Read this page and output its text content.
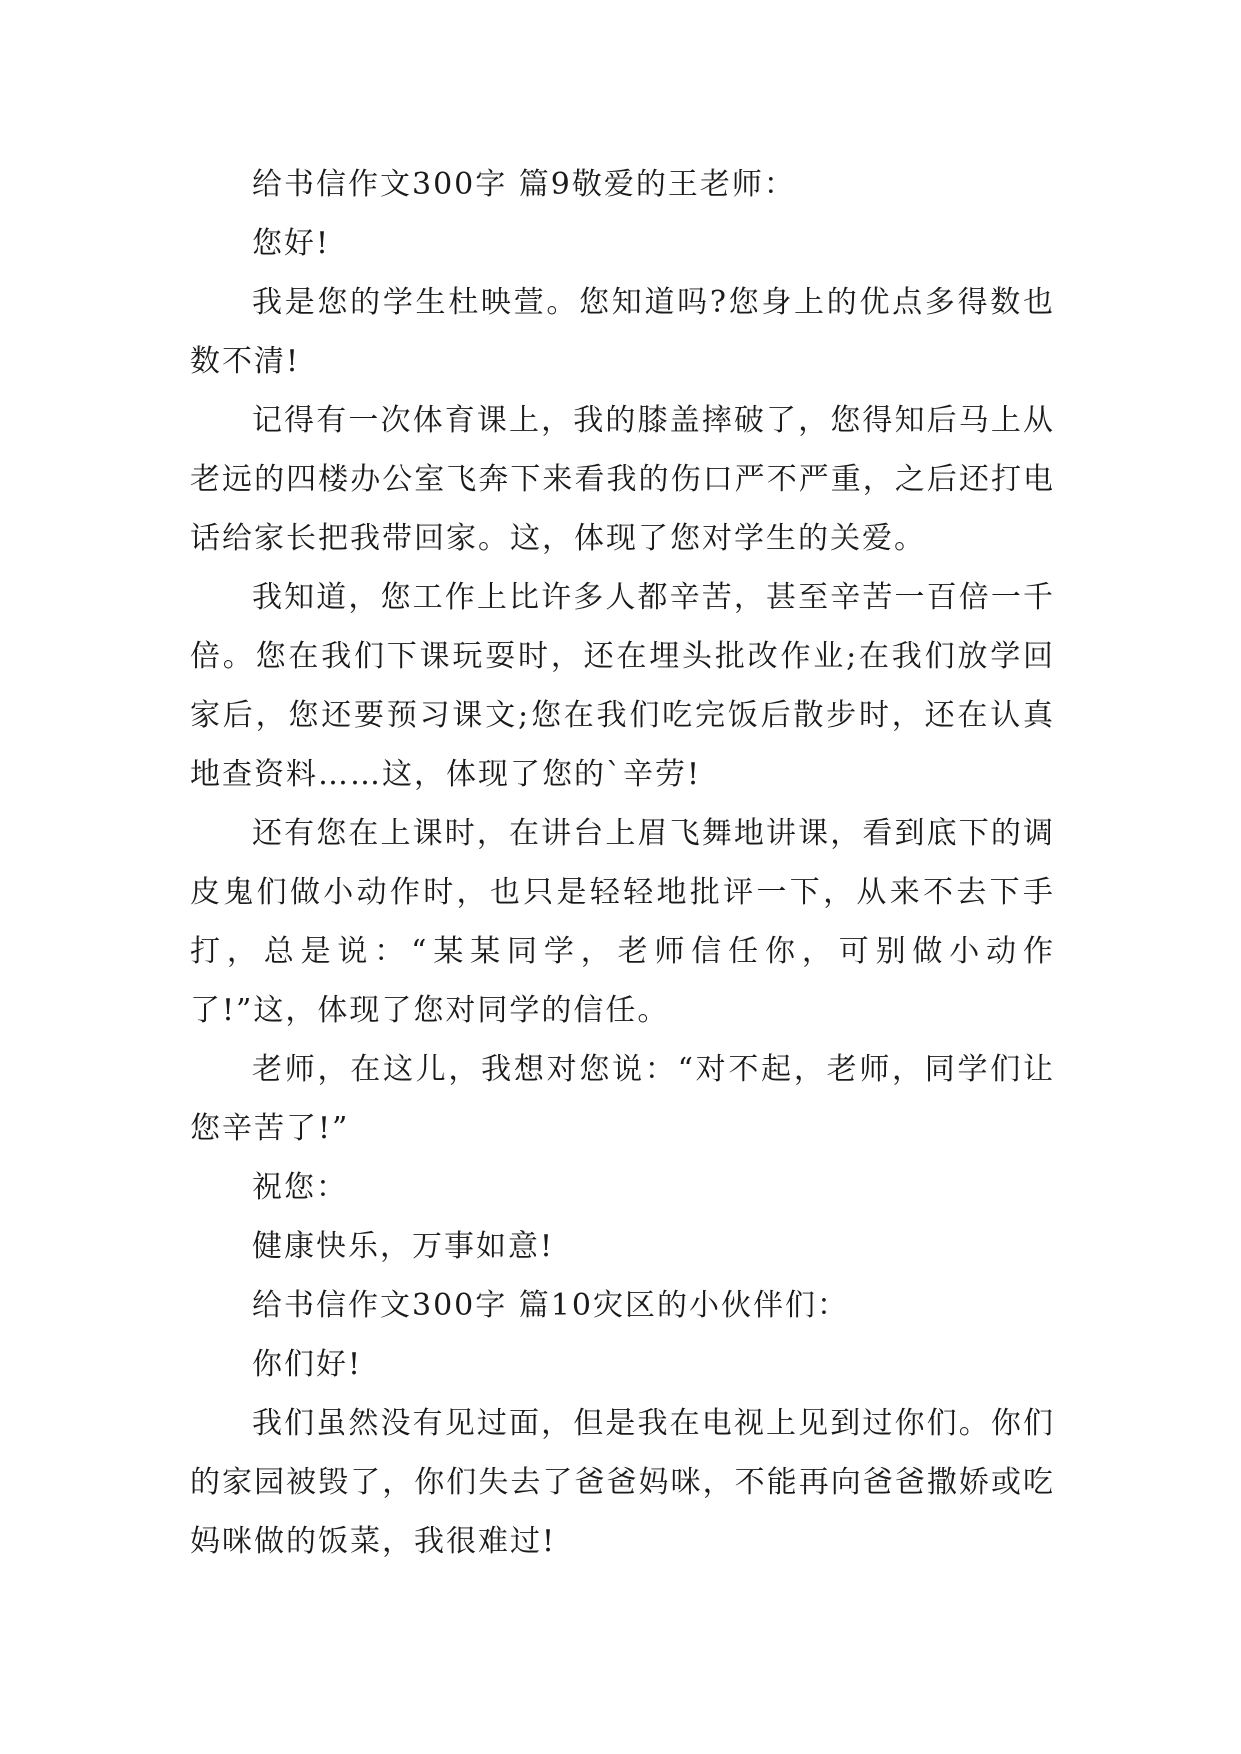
给书信作文300字 篇9敬爱的王老师：

您好!

我是您的学生杜映萱。您知道吗?您身上的优点多得数也数不清!

记得有一次体育课上，我的膝盖摔破了，您得知后马上从老远的四楼办公室飞奔下来看我的伤口严不严重，之后还打电话给家长把我带回家。这，体现了您对学生的关爱。

我知道，您工作上比许多人都辛苦，甚至辛苦一百倍一千倍。您在我们下课玩耍时，还在埋头批改作业;在我们放学回家后，您还要预习课文;您在我们吃完饭后散步时，还在认真地查资料……这，体现了您的`辛劳!

还有您在上课时，在讲台上眉飞舞地讲课，看到底下的调皮鬼们做小动作时，也只是轻轻地批评一下，从来不去下手打，总是说：“某某同学，老师信任你，可别做小动作了!”这，体现了您对同学的信任。

老师，在这儿，我想对您说：“对不起，老师，同学们让您辛苦了!”

祝您：

健康快乐，万事如意!

给书信作文300字 篇10灾区的小伙伴们：

你们好!

我们虽然没有见过面，但是我在电视上见到过你们。你们的家园被毁了，你们失去了爸爸妈咪，不能再向爸爸撒娇或吃妈咪做的饭菜，我很难过!
